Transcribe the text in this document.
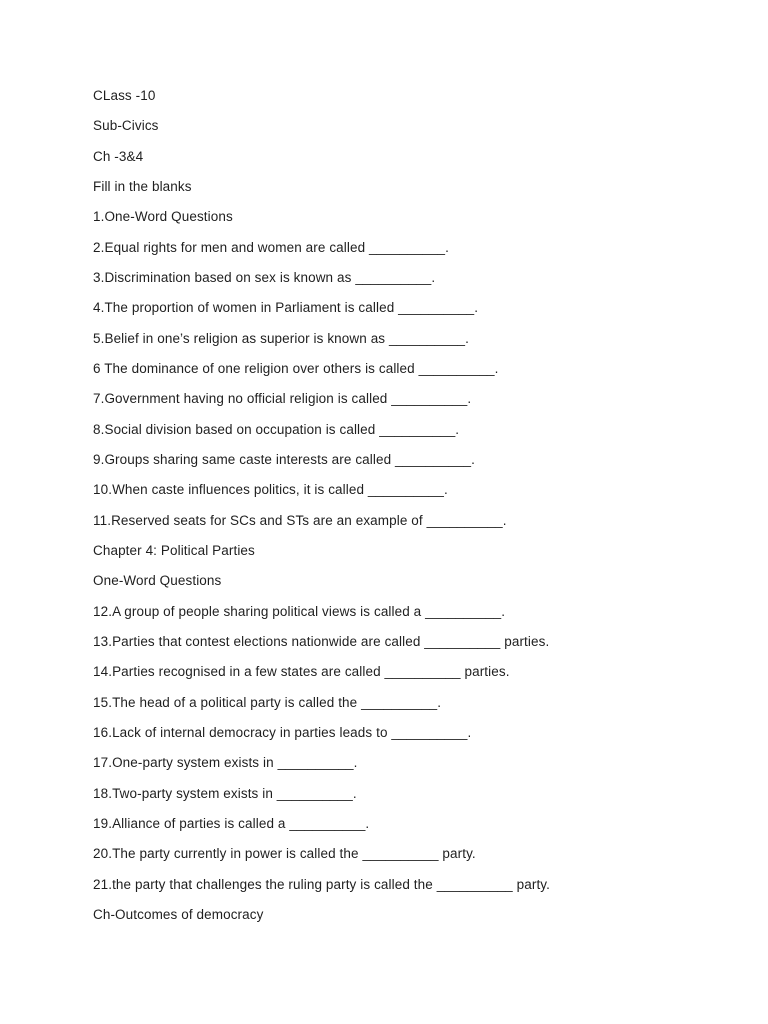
CLass -10
Sub-Civics
Ch -3&4
Fill in the blanks
1.One-Word Questions
2.Equal rights for men and women are called __________.
3.Discrimination based on sex is known as __________.
4.The proportion of women in Parliament is called __________.
5.Belief in one’s religion as superior is known as __________.
6 The dominance of one religion over others is called __________.
7.Government having no official religion is called __________.
8.Social division based on occupation is called __________.
9.Groups sharing same caste interests are called __________.
10.When caste influences politics, it is called __________.
11.Reserved seats for SCs and STs are an example of __________.
Chapter 4: Political Parties
One-Word Questions
12.A group of people sharing political views is called a __________.
13.Parties that contest elections nationwide are called __________ parties.
14.Parties recognised in a few states are called __________ parties.
15.The head of a political party is called the __________.
16.Lack of internal democracy in parties leads to __________.
17.One-party system exists in __________.
18.Two-party system exists in __________.
19.Alliance of parties is called a __________.
20.The party currently in power is called the __________ party.
21.the party that challenges the ruling party is called the __________ party.
Ch-Outcomes of democracy
